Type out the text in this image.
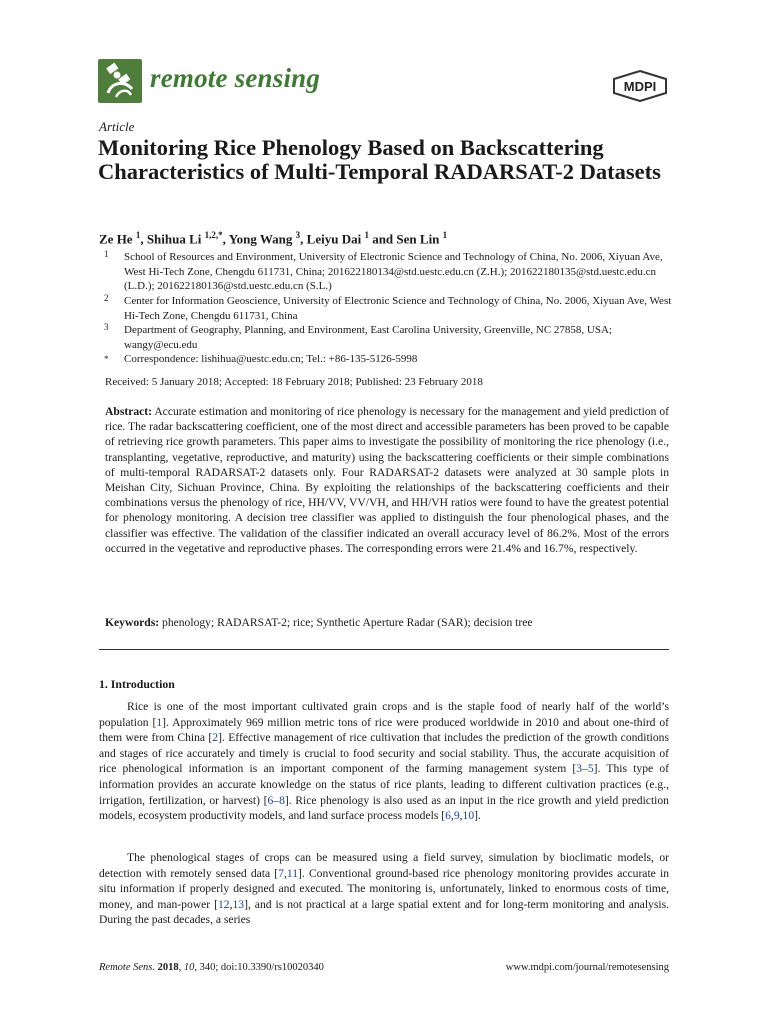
remote sensing	MDPI
Article
Monitoring Rice Phenology Based on Backscattering Characteristics of Multi-Temporal RADARSAT-2 Datasets
Ze He $^1$, Shihua Li $^{1,2,*}$, Yong Wang $^3$, Leiyu Dai $^1$ and Sen Lin $^1$
1 School of Resources and Environment, University of Electronic Science and Technology of China, No. 2006, Xiyuan Ave, West Hi-Tech Zone, Chengdu 611731, China; 201622180134@std.uestc.edu.cn (Z.H.); 201622180135@std.uestc.edu.cn (L.D.); 201622180136@std.uestc.edu.cn (S.L.)
2 Center for Information Geoscience, University of Electronic Science and Technology of China, No. 2006, Xiyuan Ave, West Hi-Tech Zone, Chengdu 611731, China
3 Department of Geography, Planning, and Environment, East Carolina University, Greenville, NC 27858, USA; wangy@ecu.edu
* Correspondence: lishihua@uestc.edu.cn; Tel.: +86-135-5126-5998
Received: 5 January 2018; Accepted: 18 February 2018; Published: 23 February 2018
Abstract: Accurate estimation and monitoring of rice phenology is necessary for the management and yield prediction of rice. The radar backscattering coefficient, one of the most direct and accessible parameters has been proved to be capable of retrieving rice growth parameters. This paper aims to investigate the possibility of monitoring the rice phenology (i.e., transplanting, vegetative, reproductive, and maturity) using the backscattering coefficients or their simple combinations of multi-temporal RADARSAT-2 datasets only. Four RADARSAT-2 datasets were analyzed at 30 sample plots in Meishan City, Sichuan Province, China. By exploiting the relationships of the backscattering coefficients and their combinations versus the phenology of rice, HH/VV, VV/VH, and HH/VH ratios were found to have the greatest potential for phenology monitoring. A decision tree classifier was applied to distinguish the four phenological phases, and the classifier was effective. The validation of the classifier indicated an overall accuracy level of 86.2%. Most of the errors occurred in the vegetative and reproductive phases. The corresponding errors were 21.4% and 16.7%, respectively.
Keywords: phenology; RADARSAT-2; rice; Synthetic Aperture Radar (SAR); decision tree
1. Introduction

Rice is one of the most important cultivated grain crops and is the staple food of nearly half of the world’s population [1]. Approximately 969 million metric tons of rice were produced worldwide in 2010 and about one-third of them were from China [2]. Effective management of rice cultivation that includes the prediction of the growth conditions and stages of rice accurately and timely is crucial to food security and social stability. Thus, the accurate acquisition of rice phenological information is an important component of the farming management system [3–5]. This type of information provides an accurate knowledge on the status of rice plants, leading to different cultivation practices (e.g., irrigation, fertilization, or harvest) [6–8]. Rice phenology is also used as an input in the rice growth and yield prediction models, ecosystem productivity models, and land surface process models [6,9,10].

The phenological stages of crops can be measured using a field survey, simulation by bioclimatic models, or detection with remotely sensed data [7,11]. Conventional ground-based rice phenology monitoring provides accurate in situ information if properly designed and executed. The monitoring is, unfortunately, linked to enormous costs of time, money, and man-power [12,13], and is not practical at a large spatial extent and for long-term monitoring and analysis. During the past decades, a series

Remote Sens. 2018, 10, 340; doi:10.3390/rs10020340	www.mdpi.com/journal/remotesensing
